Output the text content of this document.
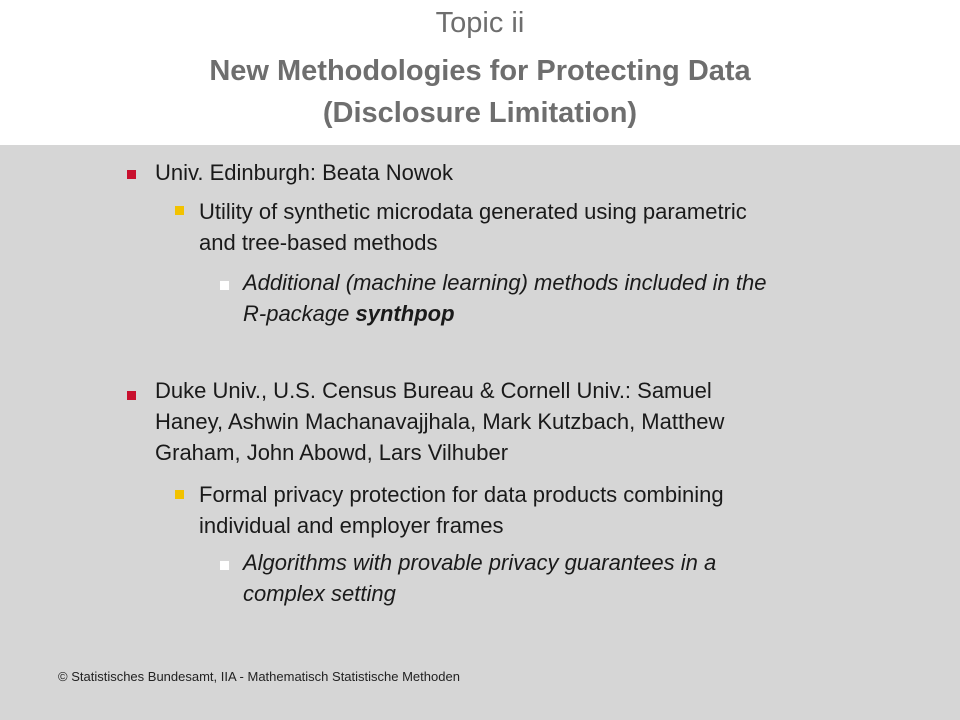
Topic ii
New Methodologies for Protecting Data
(Disclosure Limitation)
Univ. Edinburgh: Beata Nowok
Utility of synthetic microdata generated using parametric
and tree-based methods
Additional (machine learning) methods included in the
R-package synthpop
Duke Univ., U.S. Census Bureau & Cornell Univ.: Samuel
Haney, Ashwin Machanavajjhala, Mark Kutzbach, Matthew
Graham, John Abowd, Lars Vilhuber
Formal privacy protection for data products combining
individual and employer frames
Algorithms with provable privacy guarantees in a
complex setting
© Statistisches Bundesamt, IIA - Mathematisch Statistische Methoden
